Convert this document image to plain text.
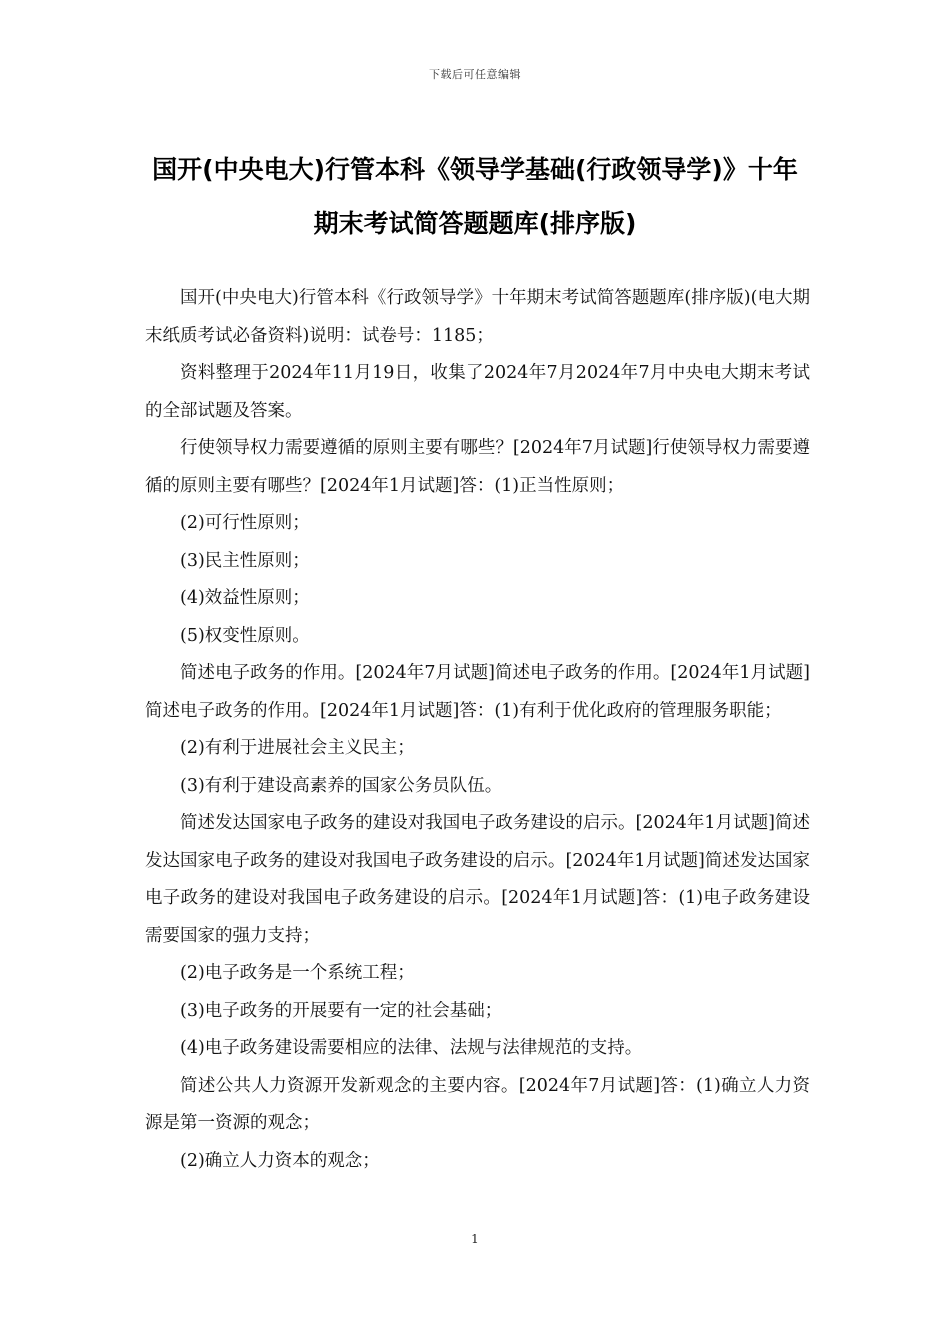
下载后可任意编辑
国开(中央电大)行管本科《领导学基础(行政领导学)》十年期末考试简答题题库(排序版)

国开(中央电大)行管本科《行政领导学》十年期末考试简答题题库(排序版)(电大期末纸质考试必备资料)说明：试卷号：1185；

资料整理于2024年11月19日，收集了2024年7月2024年7月中央电大期末考试的全部试题及答案。

行使领导权力需要遵循的原则主要有哪些？[2024年7月试题]行使领导权力需要遵循的原则主要有哪些？[2024年1月试题]答：(1)正当性原则；

(2)可行性原则；

(3)民主性原则；

(4)效益性原则；

(5)权变性原则。

简述电子政务的作用。[2024年7月试题]简述电子政务的作用。[2024年1月试题]简述电子政务的作用。[2024年1月试题]答：(1)有利于优化政府的管理服务职能；

(2)有利于进展社会主义民主；

(3)有利于建设高素养的国家公务员队伍。

简述发达国家电子政务的建设对我国电子政务建设的启示。[2024年1月试题]简述发达国家电子政务的建设对我国电子政务建设的启示。[2024年1月试题]简述发达国家电子政务的建设对我国电子政务建设的启示。[2024年1月试题]答：(1)电子政务建设需要国家的强力支持；

(2)电子政务是一个系统工程；

(3)电子政务的开展要有一定的社会基础；

(4)电子政务建设需要相应的法律、法规与法律规范的支持。

简述公共人力资源开发新观念的主要内容。[2024年7月试题]答：(1)确立人力资源是第一资源的观念；

(2)确立人力资本的观念；

1
